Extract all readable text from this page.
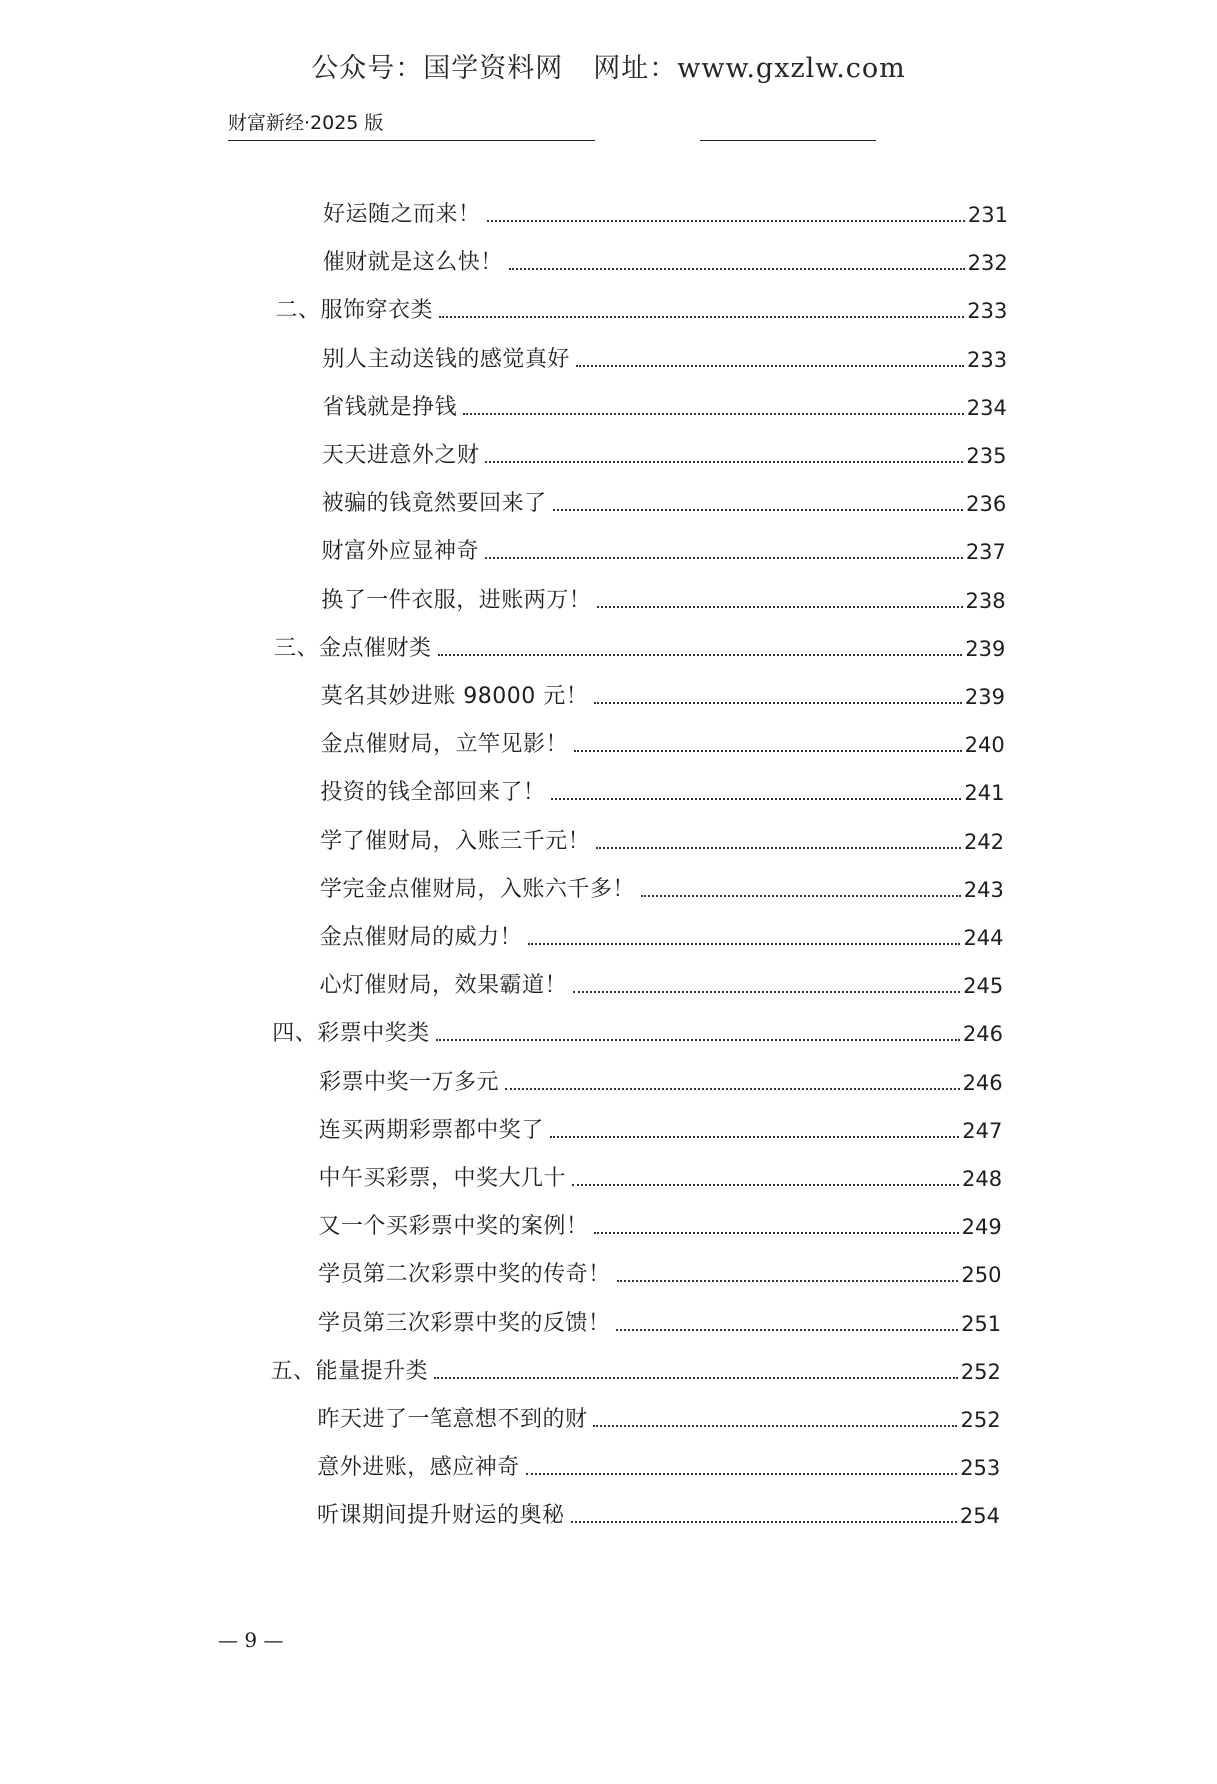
公众号：国学资料网 网址：www.gxzlw.com
财富新经·2025 版
好运随之而来！	231
催财就是这么快！	232
二、服饰穿衣类	233
别人主动送钱的感觉真好	233
省钱就是挣钱	234
天天进意外之财	235
被骗的钱竟然要回来了	236
财富外应显神奇	237
换了一件衣服，进账两万！	238
三、金点催财类	239
莫名其妙进账 98000 元！	239
金点催财局，立竿见影！	240
投资的钱全部回来了！	241
学了催财局，入账三千元！	242
学完金点催财局，入账六千多！	243
金点催财局的威力！	244
心灯催财局，效果霸道！	245
四、彩票中奖类	246
彩票中奖一万多元	246
连买两期彩票都中奖了	247
中午买彩票，中奖大几十	248
又一个买彩票中奖的案例！	249
学员第二次彩票中奖的传奇！	250
学员第三次彩票中奖的反馈！	251
五、能量提升类	252
昨天进了一笔意想不到的财	252
意外进账，感应神奇	253
听课期间提升财运的奥秘	254
— 9 —
